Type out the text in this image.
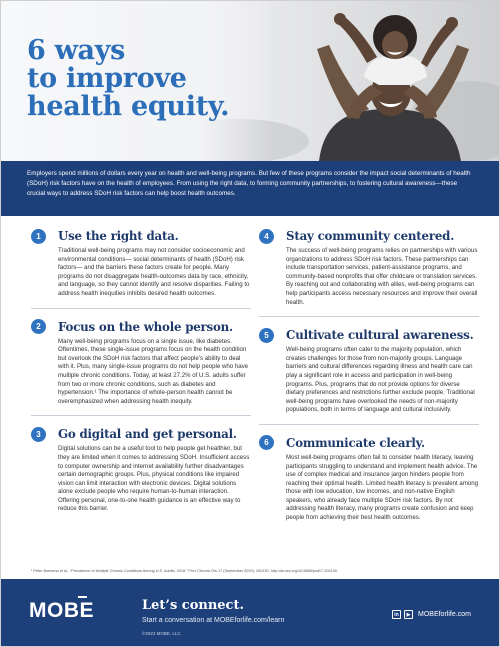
6 ways
to improve
health equity.

Employers spend millions of dollars every year on health and well-being programs. But few of these programs consider the impact social determinants of health (SDoH) risk factors have on the health of employees. From using the right data, to forming community partnerships, to fostering cultural awareness—these crucial ways to address SDoH risk factors can help boost health outcomes.

1	Use the right data.

Traditional well-being programs may not consider socioeconomic and environmental conditions— social determinants of health (SDoH) risk factors— and the barriers these factors create for people. Many programs do not disaggregate health-outcomes data by race, ethnicity, and language, so they cannot identify and resolve disparities. Failing to address health inequities inhibits desired health outcomes.

2	Focus on the whole person.

Many well-being programs focus on a single issue, like diabetes. Oftentimes, these single-issue programs focus on the health condition but overlook the SDoH risk factors that affect people’s ability to deal with it. Plus, many single-issue programs do not help people who have multiple chronic conditions. Today, at least 27.2% of U.S. adults suffer from two or more chronic conditions, such as diabetes and hypertension.¹ The importance of whole-person health cannot be overemphasized when addressing health inequity.

3	Go digital and get personal.

Digital solutions can be a useful tool to help people get healthier, but they are limited when it comes to addressing SDoH. Insufficient access to computer ownership and internet availability further disadvantages certain demographic groups. Plus, physical conditions like impaired vision can limit interaction with electronic devices. Digital solutions alone exclude people who require human-to-human interaction. Offering personal, one-to-one health guidance is an effective way to reduce this barrier.

4	Stay community centered.

The success of well-being programs relies on partnerships with various organizations to address SDoH risk factors. These partnerships can include transportation services, patient-assistance programs, and community-based nonprofits that offer childcare or translation services. By reaching out and collaborating with allies, well-being programs can help participants access necessary resources and improve their overall health.

5	Cultivate cultural awareness.

Well-being programs often cater to the majority population, which creates challenges for those from non-majority groups. Language barriers and cultural differences regarding illness and health care can play a significant role in access and participation in well-being programs. Plus, programs that do not provide options for diverse dietary preferences and restrictions further exclude people. Traditional well-being programs have overlooked the needs of non-majority populations, both in terms of language and cultural inclusivity.

6	Communicate clearly.

Most well-being programs often fail to consider health literacy, leaving participants struggling to understand and implement health advice. The use of complex medical and insurance jargon hinders people from reaching their optimal health. Limited health literacy is prevalent among those with low education, low incomes, and non-native English speakers, who already face multiple SDoH risk factors. By not addressing health literacy, many programs create confusion and keep people from achieving their best health outcomes.

¹ Peter Boersma et al., “Prevalence of Multiple Chronic Conditions Among U.S. Adults, 2018,” Prev Chronic Dis 17 (September 2020): 200130, http://dx.doi.org/10.5888/pcd17.200130.
MOBE	Let’s connect.
Start a conversation at MOBEforlife.com/learn
©2023 MOBE, LLC
in	▶	MOBEforlife.com
